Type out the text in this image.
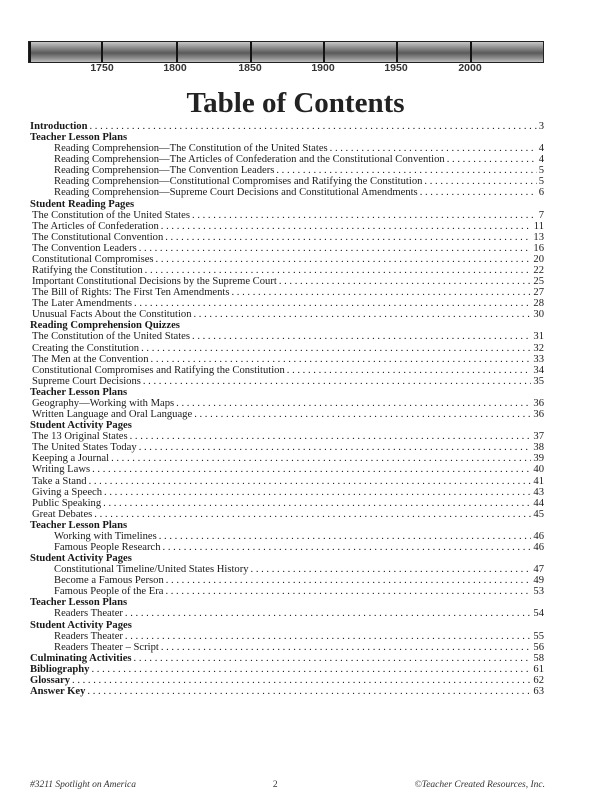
1750	1800	1850	1900	1950	2000
Table of Contents
Introduction . . .	3
Teacher Lesson Plans
Reading Comprehension—The Constitution of the United States . . .	4
Reading Comprehension—The Articles of Confederation and the Constitutional Convention . . .	4
Reading Comprehension—The Convention Leaders . . .	5
Reading Comprehension—Constitutional Compromises and Ratifying the Constitution . . .	5
Reading Comprehension—Supreme Court Decisions and Constitutional Amendments . . .	6
Student Reading Pages
The Constitution of the United States . . .	7
The Articles of Confederation . . .	11
The Constitutional Convention . . .	13
The Convention Leaders . . .	16
Constitutional Compromises . . .	20
Ratifying the Constitution . . .	22
Important Constitutional Decisions by the Supreme Court . . .	25
The Bill of Rights: The First Ten Amendments . . .	27
The Later Amendments . . .	28
Unusual Facts About the Constitution . . .	30
Reading Comprehension Quizzes
The Constitution of the United States . . .	31
Creating the Constitution . . .	32
The Men at the Convention . . .	33
Constitutional Compromises and Ratifying the Constitution . . .	34
Supreme Court Decisions . . .	35
Teacher Lesson Plans
Geography—Working with Maps . . .	36
Written Language and Oral Language . . .	36
Student Activity Pages
The 13 Original States . . .	37
The United States Today . . .	38
Keeping a Journal . . .	39
Writing Laws . . .	40
Take a Stand . . .	41
Giving a Speech . . .	43
Public Speaking . . .	44
Great Debates . . .	45
Teacher Lesson Plans
Working with Timelines . . .	46
Famous People Research . . .	46
Student Activity Pages
Constitutional Timeline/United States History . . .	47
Become a Famous Person . . .	49
Famous People of the Era . . .	53
Teacher Lesson Plans
Readers Theater . . .	54
Student Activity Pages
Readers Theater . . .	55
Readers Theater – Script . . .	56
Culminating Activities . . .	58
Bibliography . . .	61
Glossary . . .	62
Answer Key . . .	63
#3211 Spotlight on America	2	©Teacher Created Resources, Inc.
